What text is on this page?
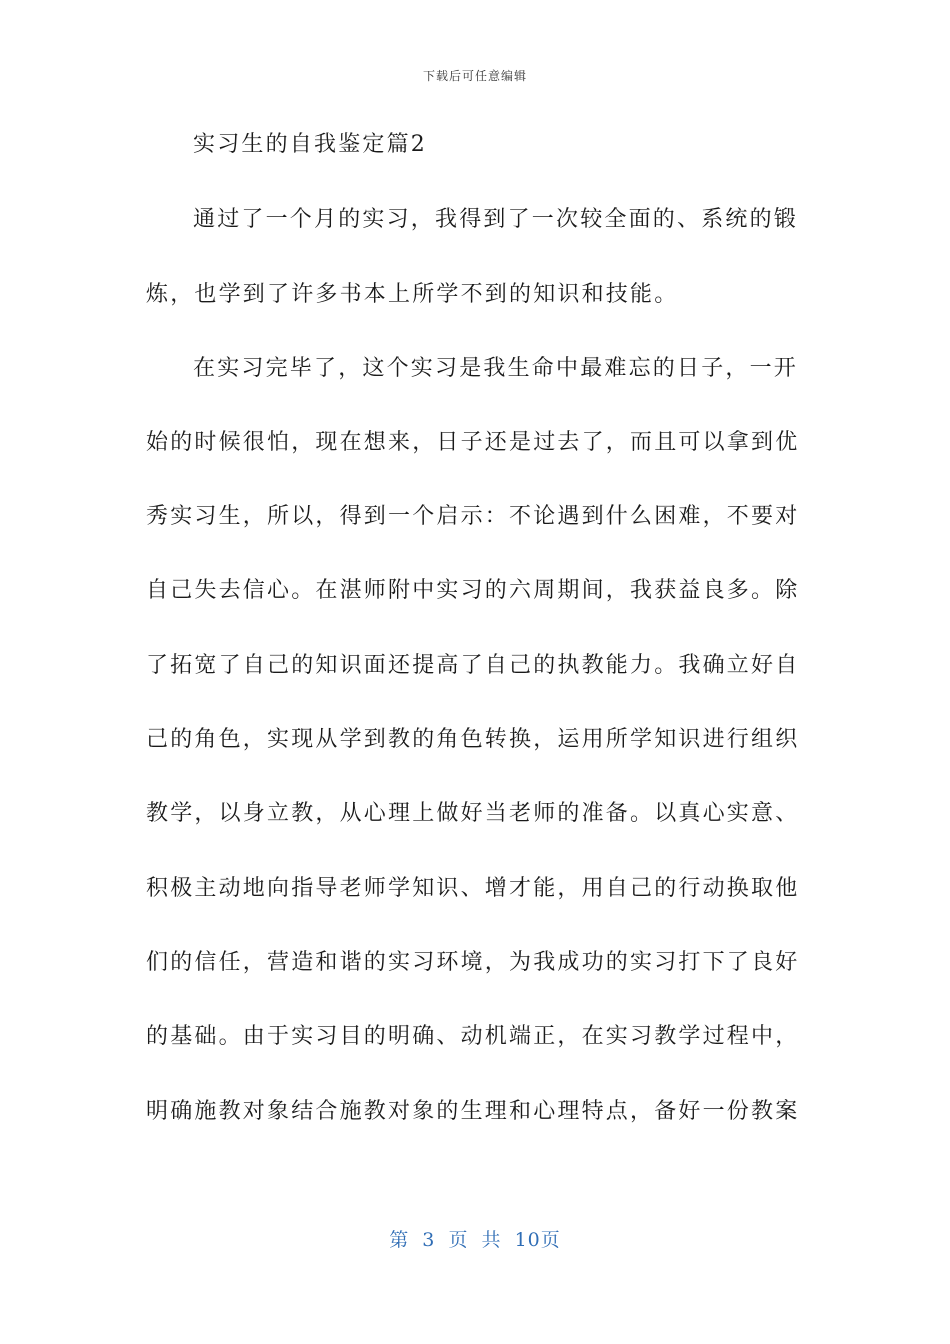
下载后可任意编辑
实习生的自我鉴定篇2
通过了一个月的实习，我得到了一次较全面的、系统的锻
炼，也学到了许多书本上所学不到的知识和技能。
在实习完毕了，这个实习是我生命中最难忘的日子，一开
始的时候很怕，现在想来，日子还是过去了，而且可以拿到优
秀实习生，所以，得到一个启示：不论遇到什么困难，不要对
自己失去信心。在湛师附中实习的六周期间，我获益良多。除
了拓宽了自己的知识面还提高了自己的执教能力。我确立好自
己的角色，实现从学到教的角色转换，运用所学知识进行组织
教学，以身立教，从心理上做好当老师的准备。以真心实意、
积极主动地向指导老师学知识、增才能，用自己的行动换取他
们的信任，营造和谐的实习环境，为我成功的实习打下了良好
的基础。由于实习目的明确、动机端正，在实习教学过程中，
明确施教对象结合施教对象的生理和心理特点，备好一份教案
第 3 页 共 10页
